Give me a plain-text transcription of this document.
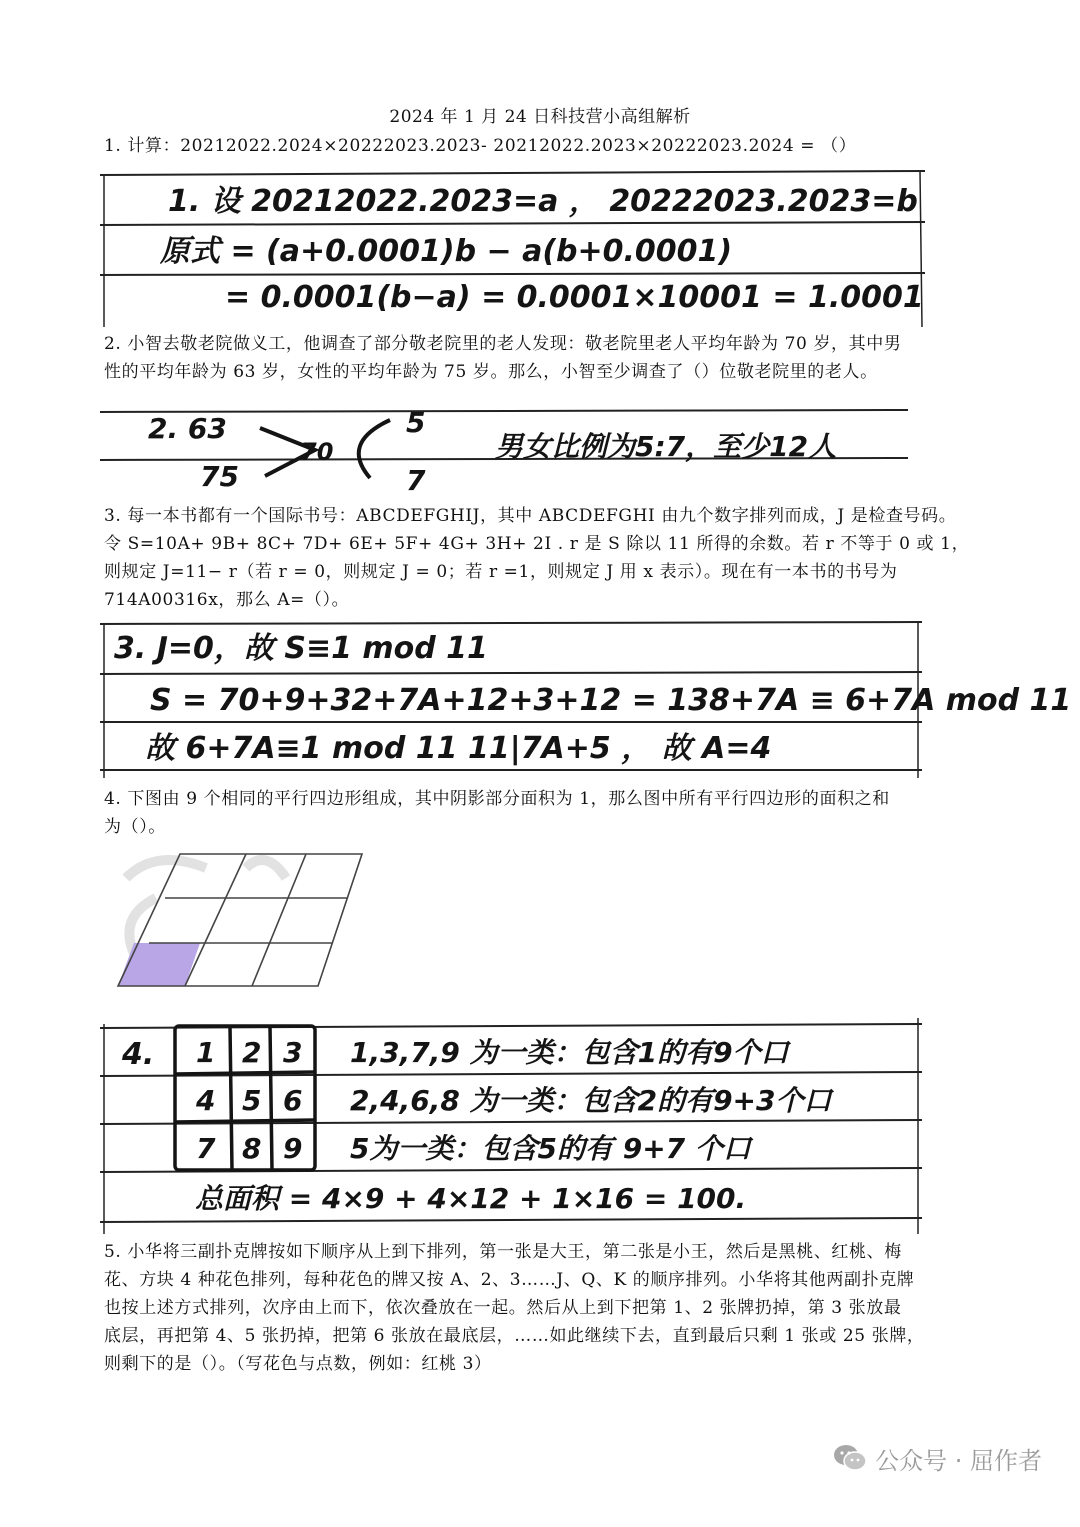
2024 年 1 月 24 日科技营小高组解析
1. 计算：20212022.2024×20222023.2023- 20212022.2023×20222023.2024 = （）
1. 设 20212022.2023=a ， 20222023.2023=b
原式 = (a+0.0001)b − a(b+0.0001)
= 0.0001(b−a) = 0.0001×10001 = 1.0001
2. 小智去敬老院做义工，他调查了部分敬老院里的老人发现：敬老院里老人平均年龄为 70 岁，其中男
性的平均年龄为 63 岁，女性的平均年龄为 75 岁。那么，小智至少调查了（）位敬老院里的老人。
2. 63
75
70
5
7
男女比例为5:7，至少12人
3. 每一本书都有一个国际书号：ABCDEFGHIJ，其中 ABCDEFGHI 由九个数字排列而成，J 是检查号码。
令 S=10A+ 9B+ 8C+ 7D+ 6E+ 5F+ 4G+ 3H+ 2I . r 是 S 除以 11 所得的余数。若 r 不等于 0 或 1，
则规定 J=11− r（若 r = 0，则规定 J = 0；若 r =1，则规定 J 用 x 表示）。现在有一本书的书号为
714A00316x，那么 A=（）。
3. J=0，故 S≡1 mod 11
S = 70+9+32+7A+12+3+12 = 138+7A ≡ 6+7A mod 11
故 6+7A≡1 mod 11 11|7A+5 ， 故 A=4
4. 下图由 9 个相同的平行四边形组成，其中阴影部分面积为 1，那么图中所有平行四边形的面积之和
为（）。
4. 1 2 3
4 5 6
7 8 9
1,3,7,9 为一类：包含1的有9个口
2,4,6,8 为一类：包含2的有9+3个口
5为一类：包含5的有 9+7 个口
总面积 = 4×9 + 4×12 + 1×16 = 100.
5. 小华将三副扑克牌按如下顺序从上到下排列，第一张是大王，第二张是小王，然后是黑桃、红桃、梅
花、方块 4 种花色排列，每种花色的牌又按 A、2、3……J、Q、K 的顺序排列。小华将其他两副扑克牌
也按上述方式排列，次序由上而下，依次叠放在一起。然后从上到下把第 1、2 张牌扔掉，第 3 张放最
底层，再把第 4、5 张扔掉，把第 6 张放在最底层，……如此继续下去，直到最后只剩 1 张或 25 张牌，
则剩下的是（）。（写花色与点数，例如：红桃 3）
公众号 · 屈作者
